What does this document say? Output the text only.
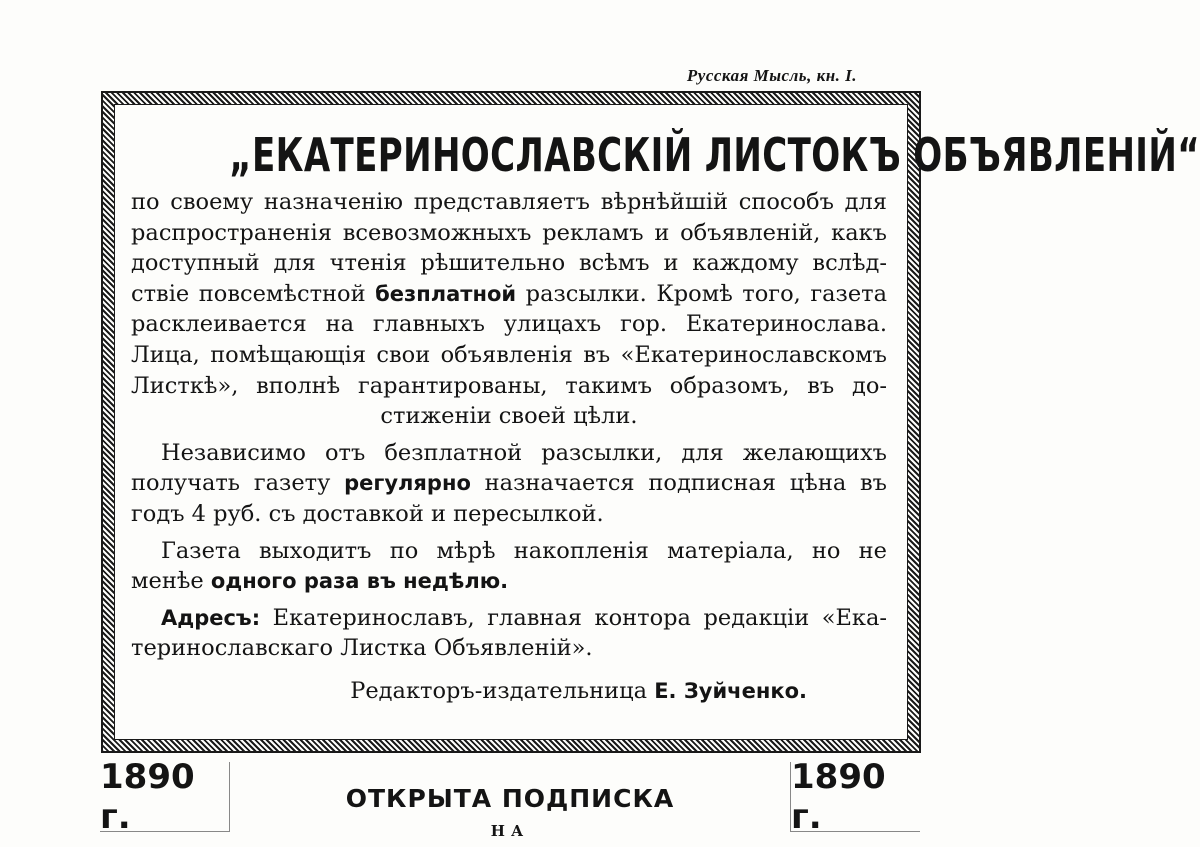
Русская Мысль, кн. I.
„ЕКАТЕРИНОСЛАВСКІЙ ЛИСТОКЪ ОБЪЯВЛЕНІЙ“
по своему назначенію представляетъ вѣрнѣйшій способъ для
распространенія всевозможныхъ рекламъ и объявленій, какъ
доступный для чтенія рѣшительно всѣмъ и каждому вслѣд-
ствіе повсемѣстной безплатной разсылки. Кромѣ того, газета
расклеивается на главныхъ улицахъ гор. Екатеринослава.
Лица, помѣщающія свои объявленія въ «Екатеринославскомъ
Листкѣ», вполнѣ гарантированы, такимъ образомъ, въ до-
стиженіи своей цѣли.
Независимо отъ безплатной разсылки, для желающихъ
получать газету регулярно назначается подписная цѣна въ
годъ 4 руб. съ доставкой и пересылкой.
Газета выходитъ по мѣрѣ накопленія матеріала, но не
менѣе одного раза въ недѣлю.
Адресъ: Екатеринославъ, главная контора редакціи «Ека-
теринославскаго Листка Объявленій».
Редакторъ-издательница Е. Зуйченко.
1890 г.	ОТКРЫТА ПОДПИСКА
НА
1890 г.
